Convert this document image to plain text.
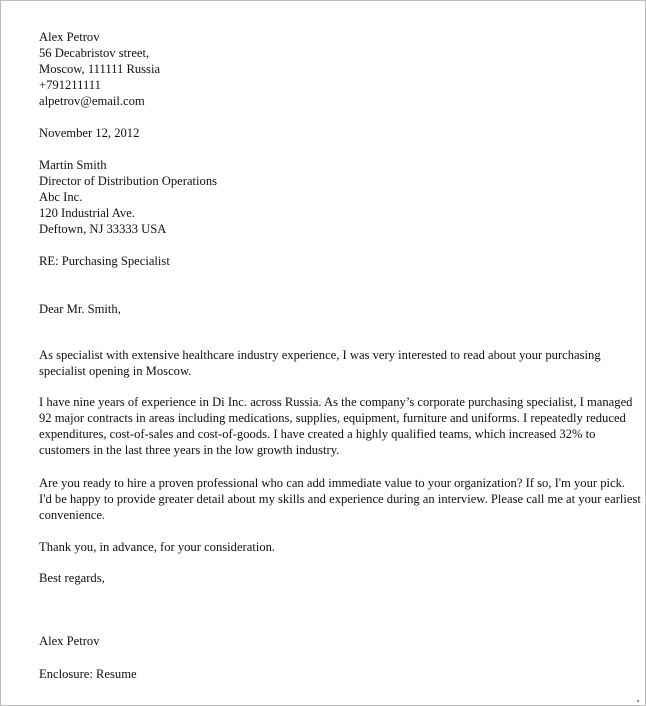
Alex Petrov
56 Decabristov street,
Moscow, 111111 Russia
+791211111
alpetrov@email.com
November 12, 2012
Martin Smith
Director of Distribution Operations
Abc Inc.
120 Industrial Ave.
Deftown, NJ 33333 USA
RE: Purchasing Specialist
Dear Mr. Smith,
As specialist with extensive healthcare industry experience, I was very interested to read about your purchasing
specialist opening in Moscow.
I have nine years of experience in Di Inc. across Russia. As the company’s corporate purchasing specialist, I managed
92 major contracts in areas including medications, supplies, equipment, furniture and uniforms. I repeatedly reduced
expenditures, cost-of-sales and cost-of-goods. I have created a highly qualified teams, which increased 32% to
customers in the last three years in the low growth industry.
Are you ready to hire a proven professional who can add immediate value to your organization? If so, I'm your pick.
I'd be happy to provide greater detail about my skills and experience during an interview. Please call me at your earliest
convenience.
Thank you, in advance, for your consideration.
Best regards,
Alex Petrov
Enclosure: Resume
